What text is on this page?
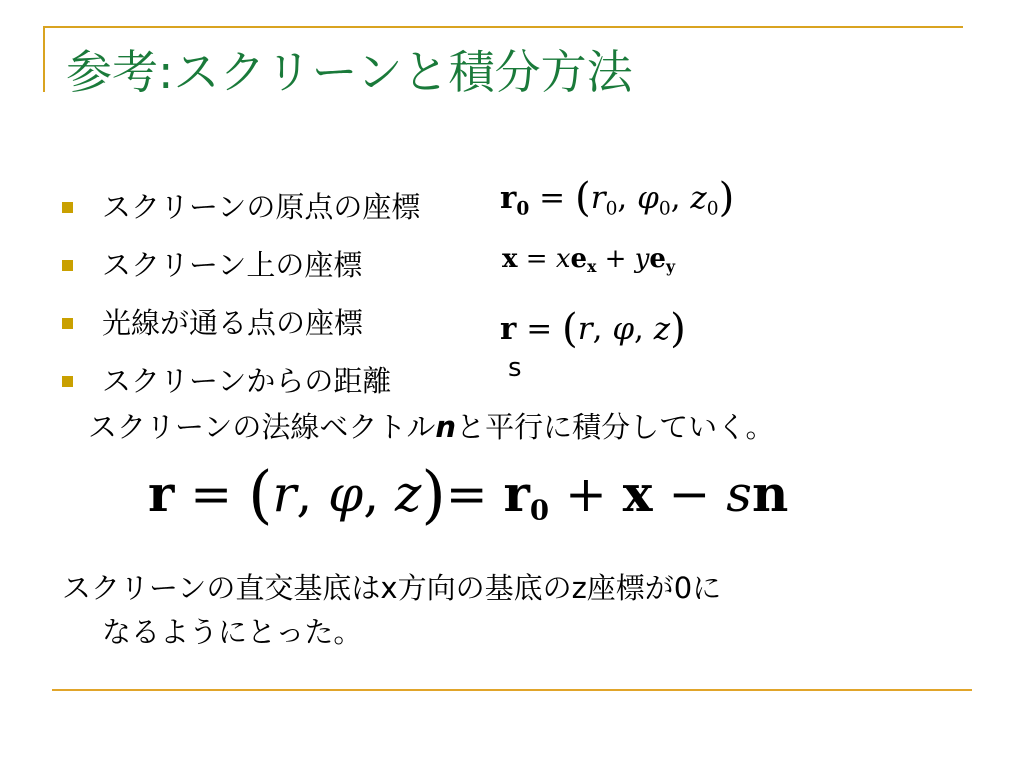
参考:スクリーンと積分方法
スクリーンの原点の座標
スクリーン上の座標
光線が通る点の座標
スクリーンからの距離
$r_0 = (r_0$, $\varphi_0$, $z_0$)
$x = xe_x + ye_y$
r = (r, φ, z)
s

スクリーンの法線ベクトルnと平行に積分していく。

r = (r, φ, $z)= r_0 + x$ − sn

スクリーンの直交基底はx方向の基底のz座標が0に
なるようにとった。
